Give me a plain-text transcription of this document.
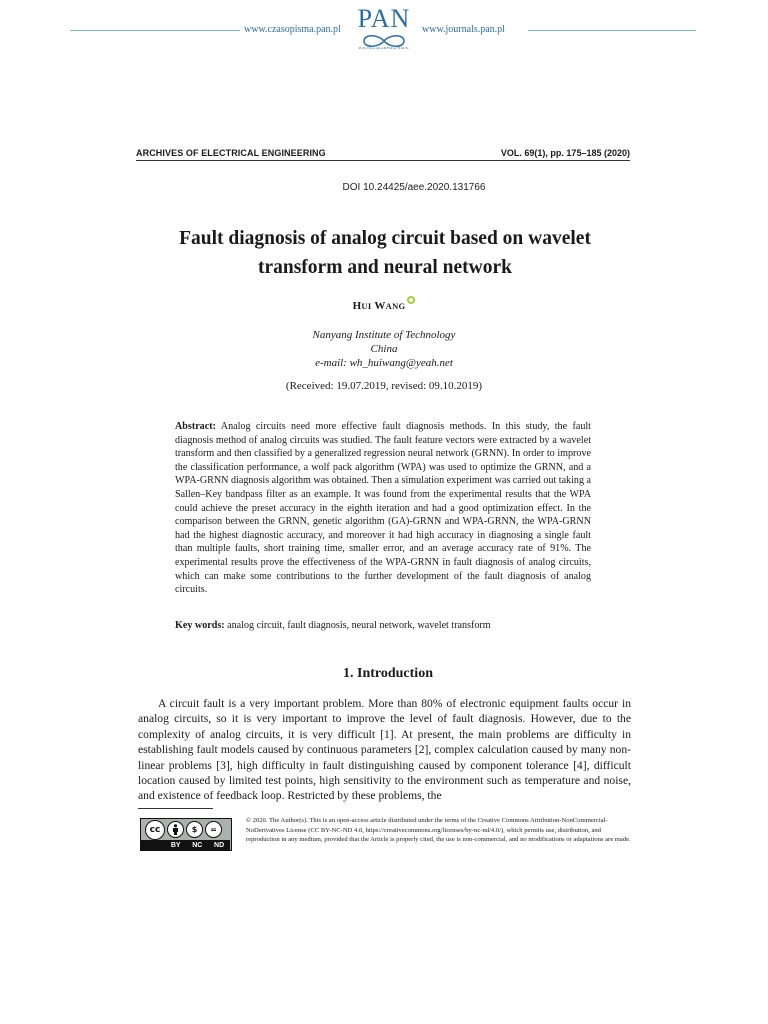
www.czasopisma.pan.pl PAN
POLSKA AKADEMIA NAUK
www.journals.pan.pl
ARCHIVES OF ELECTRICAL ENGINEERING	VOL. 69(1), pp. 175–185 (2020)
DOI 10.24425/aee.2020.131766
Fault diagnosis of analog circuit based on wavelet transform and neural network
HUI WANG
Nanyang Institute of Technology
China
e-mail: wh_huiwang@yeah.net
(Received: 19.07.2019, revised: 09.10.2019)
Abstract: Analog circuits need more effective fault diagnosis methods. In this study, the fault diagnosis method of analog circuits was studied. The fault feature vectors were extracted by a wavelet transform and then classified by a generalized regression neural network (GRNN). In order to improve the classification performance, a wolf pack algorithm (WPA) was used to optimize the GRNN, and a WPA-GRNN diagnosis algorithm was obtained. Then a simulation experiment was carried out taking a Sallen–Key bandpass filter as an example. It was found from the experimental results that the WPA could achieve the preset accuracy in the eighth iteration and had a good optimization effect. In the comparison between the GRNN, genetic algorithm (GA)-GRNN and WPA-GRNN, the WPA-GRNN had the highest diagnostic accuracy, and moreover it had high accuracy in diagnosing a single fault than multiple faults, short training time, smaller error, and an average accuracy rate of 91%. The experimental results prove the effectiveness of the WPA-GRNN in fault diagnosis of analog circuits, which can make some contributions to the further development of the fault diagnosis of analog circuits.
Key words: analog circuit, fault diagnosis, neural network, wavelet transform
1. Introduction
A circuit fault is a very important problem. More than 80% of electronic equipment faults occur in analog circuits, so it is very important to improve the level of fault diagnosis. However, due to the complexity of analog circuits, it is very difficult [1]. At present, the main problems are difficulty in establishing fault models caused by continuous parameters [2], complex calculation caused by many non-linear problems [3], high difficulty in fault distinguishing caused by component tolerance [4], difficult location caused by limited test points, high sensitivity to the environment such as temperature and noise, and existence of feedback loop. Restricted by these problems, the
cc	$	=
BY NC ND
© 2020. The Author(s). This is an open-access article distributed under the terms of the Creative Commons Attribution-NonCommercial-NoDerivatives License (CC BY-NC-ND 4.0, https://creativecommons.org/licenses/by-nc-nd/4.0/), which permits use, distribution, and reproduction in any medium, provided that the Article is properly cited, the use is non-commercial, and no modifications or adaptations are made.
